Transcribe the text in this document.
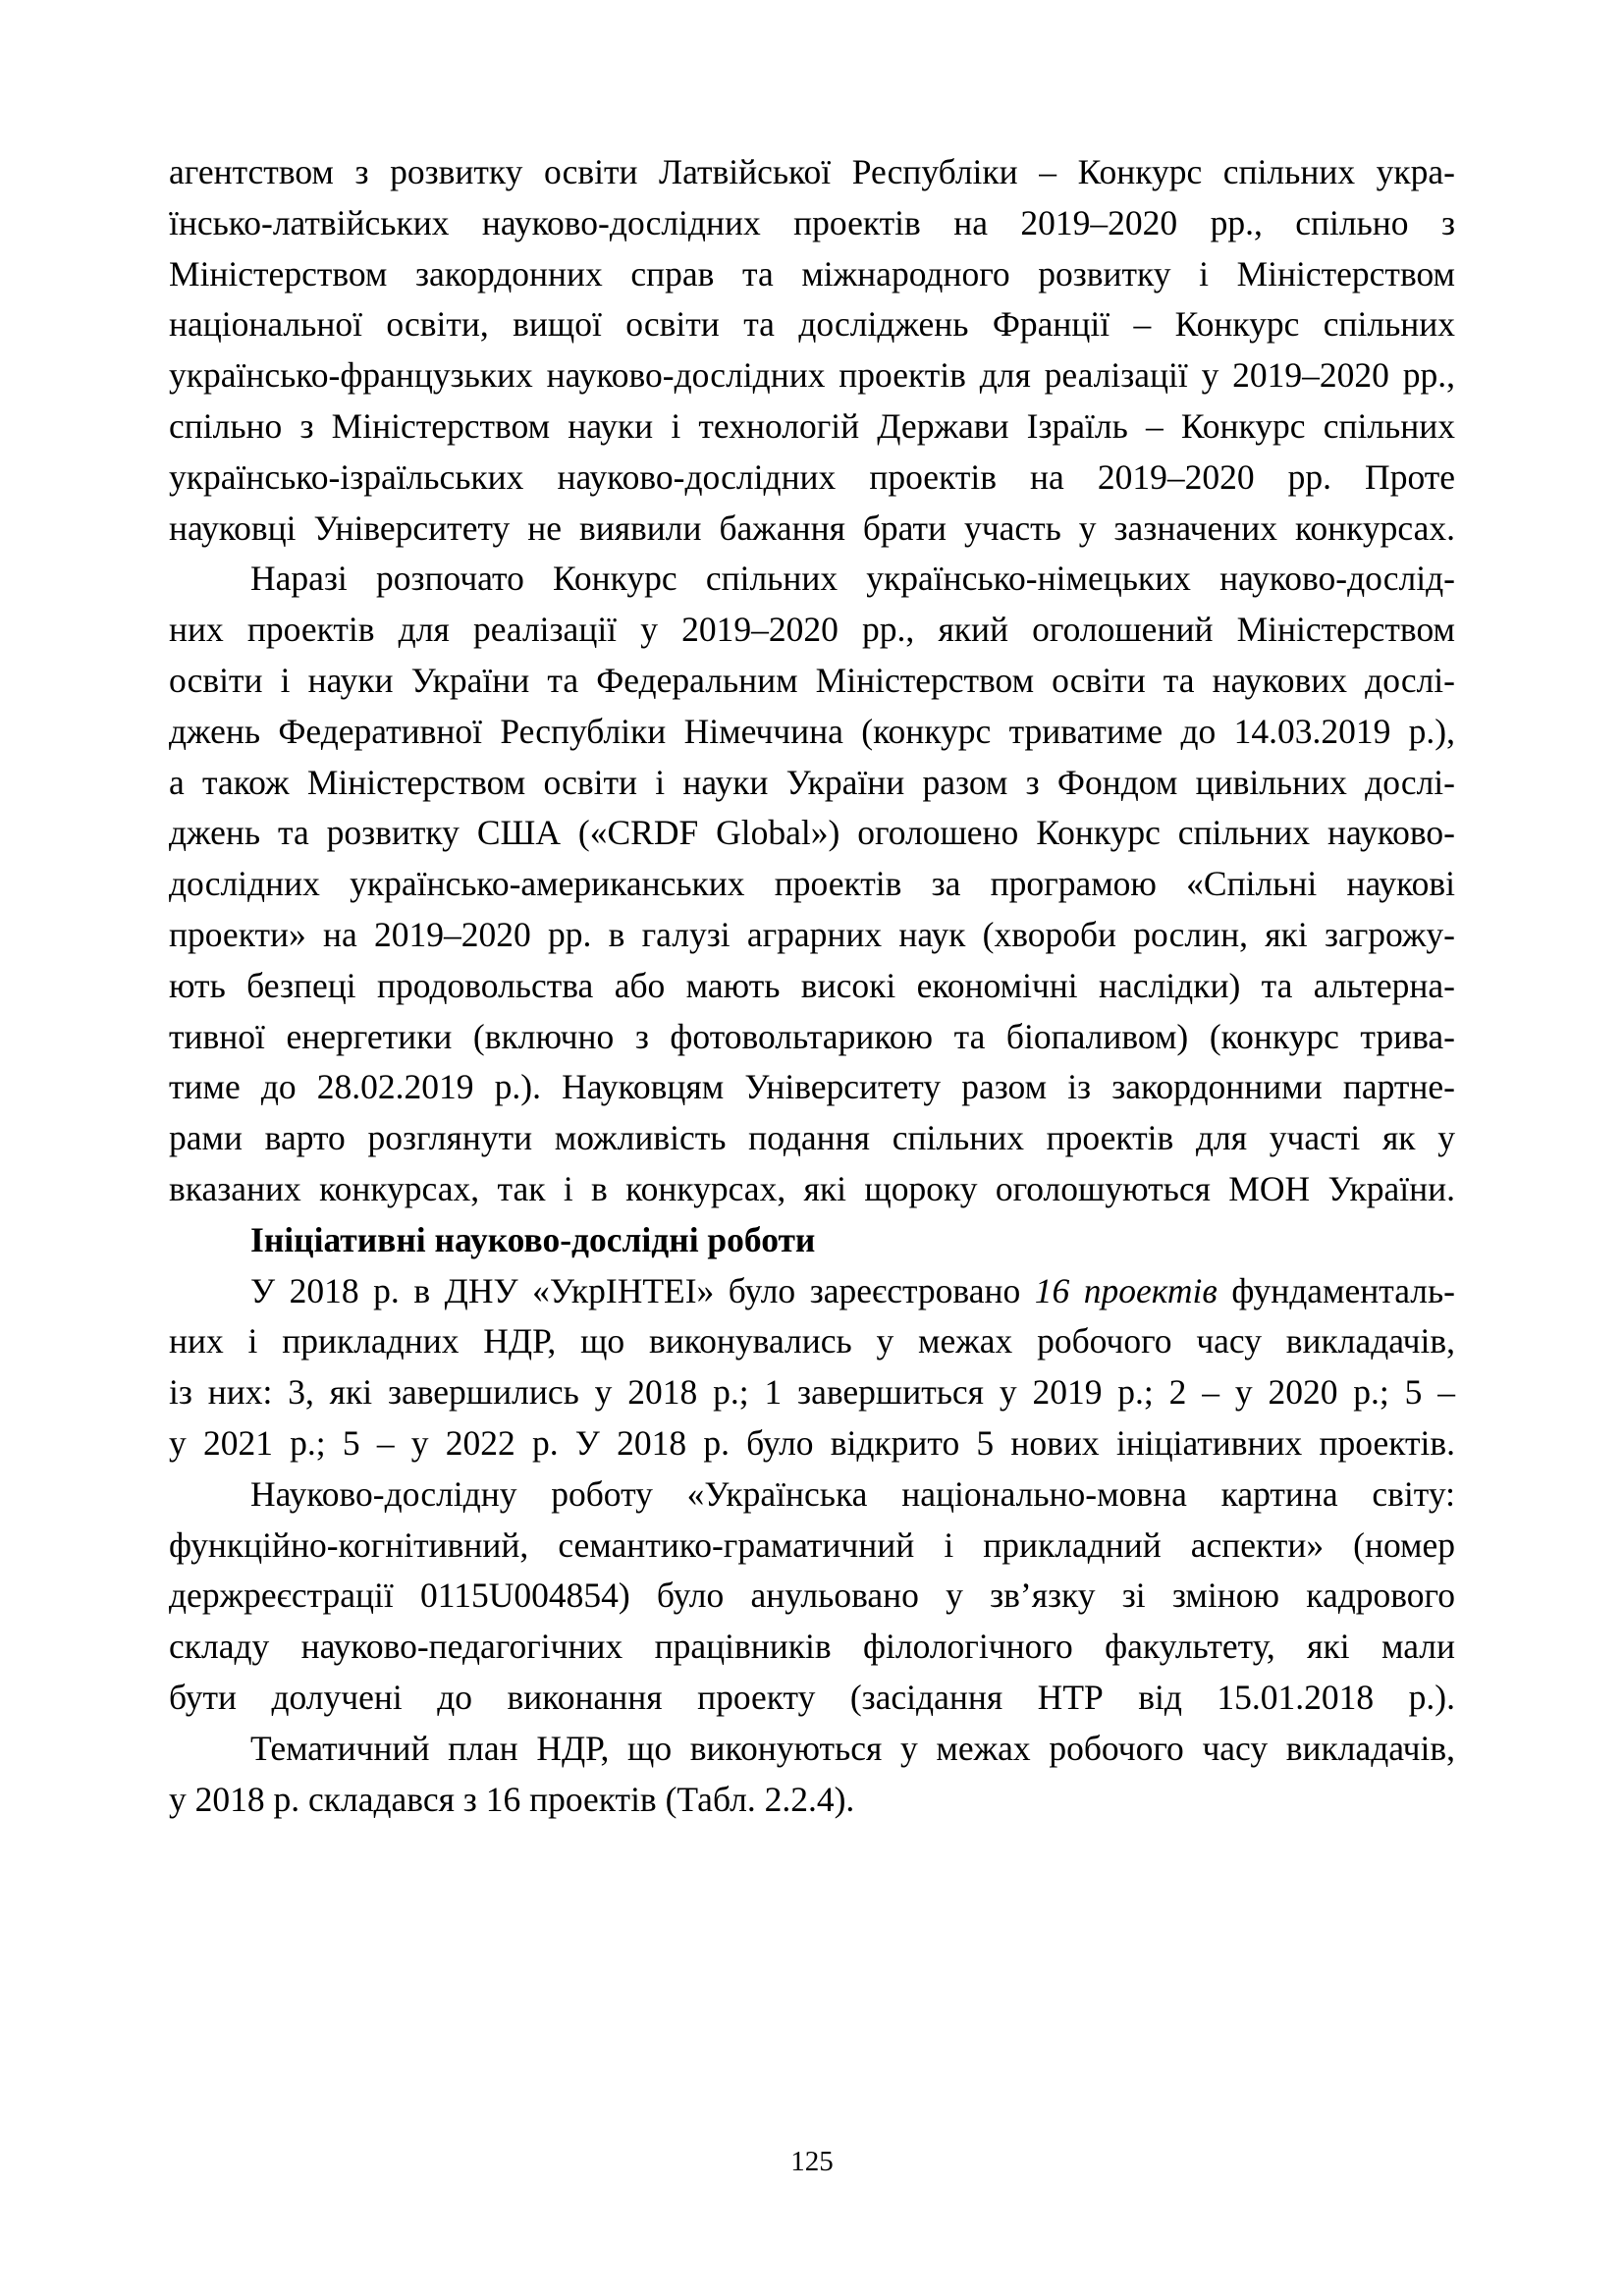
агентством з розвитку освіти Латвійської Республіки – Конкурс спільних укра-
їнсько-латвійських науково-дослідних проектів на 2019–2020 рр., спільно з
Міністерством закордонних справ та міжнародного розвитку і Міністерством
національної освіти, вищої освіти та досліджень Франції – Конкурс спільних
українсько-французьких науково-дослідних проектів для реалізації у 2019–2020 рр.,
спільно з Міністерством науки і технологій Держави Ізраїль – Конкурс спільних
українсько-ізраїльських науково-дослідних проектів на 2019–2020 рр. Проте
науковці Університету не виявили бажання брати участь у зазначених конкурсах.

Наразі розпочато Конкурс спільних українсько-німецьких науково-дослід-
них проектів для реалізації у 2019–2020 рр., який оголошений Міністерством
освіти і науки України та Федеральним Міністерством освіти та наукових дослі-
джень Федеративної Республіки Німеччина (конкурс триватиме до 14.03.2019 р.),
а також Міністерством освіти і науки України разом з Фондом цивільних дослі-
джень та розвитку США («CRDF Global») оголошено Конкурс спільних науково-
дослідних українсько-американських проектів за програмою «Спільні наукові
проекти» на 2019–2020 рр. в галузі аграрних наук (хвороби рослин, які загрожу-
ють безпеці продовольства або мають високі економічні наслідки) та альтерна-
тивної енергетики (включно з фотовольтарикою та біопаливом) (конкурс трива-
тиме до 28.02.2019 р.). Науковцям Університету разом із закордонними партне-
рами варто розглянути можливість подання спільних проектів для участі як у
вказаних конкурсах, так і в конкурсах, які щороку оголошуються МОН України.

Ініціативні науково-дослідні роботи

У 2018 р. в ДНУ «УкрІНТЕІ» було зареєстровано 16 проектів фундаменталь-
них і прикладних НДР, що виконувались у межах робочого часу викладачів,
із них: 3, які завершились у 2018 р.; 1 завершиться у 2019 р.; 2 – у 2020 р.; 5 –
у 2021 р.; 5 – у 2022 р. У 2018 р. було відкрито 5 нових ініціативних проектів.

Науково-дослідну роботу «Українська національно-мовна картина світу:
функційно-когнітивний, семантико-граматичний і прикладний аспекти» (номер
держреєстрації 0115U004854) було анульовано у зв’язку зі зміною кадрового
складу науково-педагогічних працівників філологічного факультету, які мали
бути долучені до виконання проекту (засідання НТР від 15.01.2018 р.).

Тематичний план НДР, що виконуються у межах робочого часу викладачів,
у 2018 р. складався з 16 проектів (Табл. 2.2.4).

125
